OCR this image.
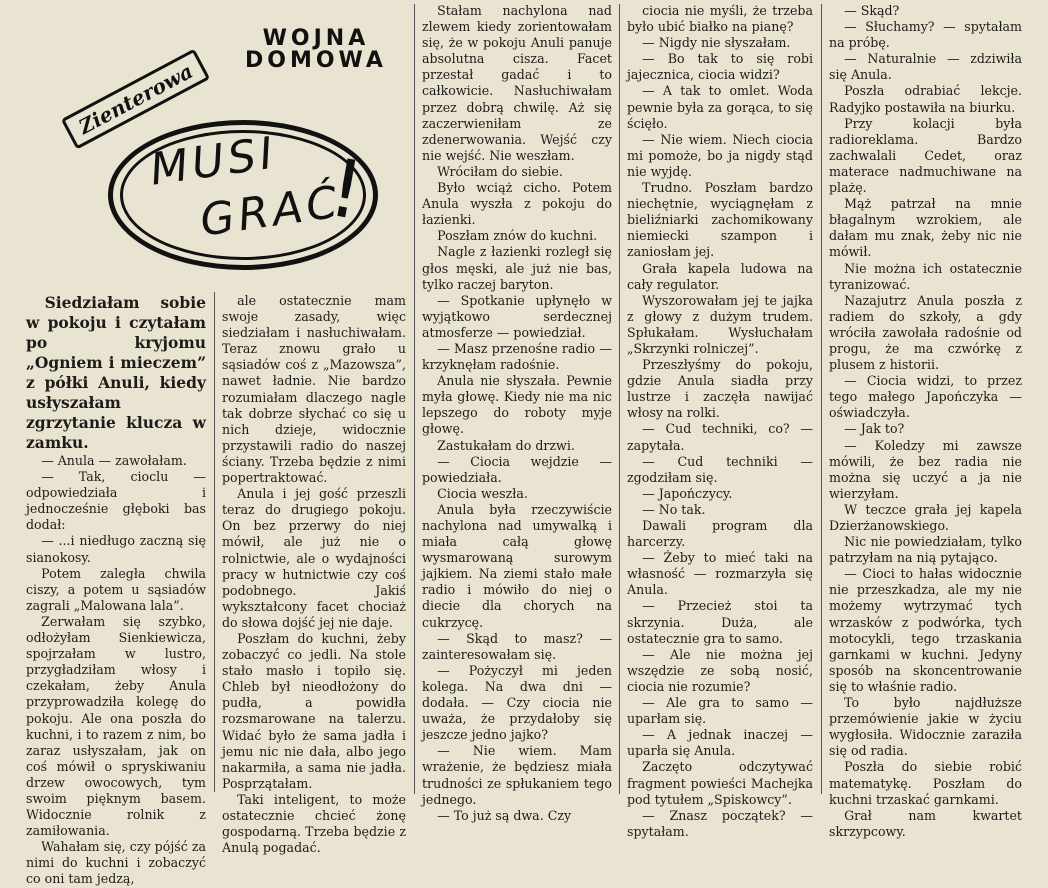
WOJNA
DOMOWA
Zienterowa
MUSI
GRAĆ
!

Siedziałam sobie w pokoju i czytałam po kryjomu „Ogniem i mieczem” z półki Anuli, kiedy usłyszałam zgrzytanie klucza w zamku.

— Anula — zawołałam.

— Tak, cioclu — odpowiedziała i jednocześnie głęboki bas dodał:

— ...i niedługo zaczną się sianokosy.

Potem zaległa chwila ciszy, a potem u sąsiadów zagrali „Malowana lala”.

Zerwałam się szybko, odłożyłam Sienkiewicza, spojrzałam w lustro, przygładziłam włosy i czekałam, żeby Anula przyprowadziła kolegę do pokoju. Ale ona poszła do kuchni, i to razem z nim, bo zaraz usłyszałam, jak on coś mówił o spryskiwaniu drzew owocowych, tym swoim pięknym basem. Widocznie rolnik z zamiłowania.

Wahałam się, czy pójść za nimi do kuchni i zobaczyć co oni tam jedzą,

ale ostatecznie mam swoje zasady, więc siedziałam i nasłuchiwałam. Teraz znowu grało u sąsiadów coś z „Mazowsza”, nawet ładnie. Nie bardzo rozumiałam dlaczego nagle tak dobrze słychać co się u nich dzieje, widocznie przystawili radio do naszej ściany. Trzeba będzie z nimi popertraktować.

Anula i jej gość przeszli teraz do drugiego pokoju. On bez przerwy do niej mówił, ale już nie o rolnictwie, ale o wydajności pracy w hutnictwie czy coś podobnego. Jakiś wykształcony facet chociaż do słowa dojść jej nie daje.

Poszłam do kuchni, żeby zobaczyć co jedli. Na stole stało masło i topiło się. Chleb był nieodłożony do pudła, a powidła rozsmarowane na talerzu. Widać było że sama jadła i jemu nic nie dała, albo jego nakarmiła, a sama nie jadła. Posprzątałam.

Taki inteligent, to może ostatecznie chcieć żonę gospodarną. Trzeba będzie z Anulą pogadać.

Stałam nachylona nad zlewem kiedy zorientowałam się, że w pokoju Anuli panuje absolutna cisza. Facet przestał gadać i to całkowicie. Nasłuchiwałam przez dobrą chwilę. Aż się zaczerwieniłam ze zdenerwowania. Wejść czy nie wejść. Nie weszłam.

Wróciłam do siebie.

Było wciąż cicho. Potem Anula wyszła z pokoju do łazienki.

Poszłam znów do kuchni.

Nagle z łazienki rozległ się głos męski, ale już nie bas, tylko raczej baryton.

— Spotkanie upłynęło w wyjątkowo serdecznej atmosferze — powiedział.

— Masz przenośne radio — krzyknęłam radośnie.

Anula nie słyszała. Pewnie myła głowę. Kiedy nie ma nic lepszego do roboty myje głowę.

Zastukałam do drzwi.

— Ciocia wejdzie — powiedziała.

Ciocia weszła.

Anula była rzeczywiście nachylona nad umywalką i miała całą głowę wysmarowaną surowym jajkiem. Na ziemi stało małe radio i mówiło do niej o diecie dla chorych na cukrzycę.

— Skąd to masz? — zainteresowałam się.

— Pożyczył mi jeden kolega. Na dwa dni — dodała. — Czy ciocia nie uważa, że przydałoby się jeszcze jedno jajko?

— Nie wiem. Mam wrażenie, że będziesz miała trudności ze spłukaniem tego jednego.

— To już są dwa. Czy

ciocia nie myśli, że trzeba było ubić białko na pianę?

— Nigdy nie słyszałam.

— Bo tak to się robi jajecznica, ciocia widzi?

— A tak to omlet. Woda pewnie była za gorąca, to się ścięło.

— Nie wiem. Niech ciocia mi pomoże, bo ja nigdy stąd nie wyjdę.

Trudno. Poszłam bardzo niechętnie, wyciągnęłam z bieliźniarki zachomikowany niemiecki szampon i zaniosłam jej.

Grała kapela ludowa na cały regulator.

Wyszorowałam jej te jajka z głowy z dużym trudem. Spłukałam. Wysłuchałam „Skrzynki rolniczej”.

Przeszłyśmy do pokoju, gdzie Anula siadła przy lustrze i zaczęła nawijać włosy na rolki.

— Cud techniki, co? — zapytała.

— Cud techniki — zgodziłam się.

— Japończycy.

— No tak.

Dawali program dla harcerzy.

— Żeby to mieć taki na własność — rozmarzyła się Anula.

— Przecież stoi ta skrzynia. Duża, ale ostatecznie gra to samo.

— Ale nie można jej wszędzie ze sobą nosić, ciocia nie rozumie?

— Ale gra to samo — uparłam się.

— A jednak inaczej — uparła się Anula.

Zaczęto odczytywać fragment powieści Machejka pod tytułem „Spiskowcy”.

— Znasz początek? — spytałam.

— Skąd?

— Słuchamy? — spytałam na próbę.

— Naturalnie — zdziwiła się Anula.

Poszła odrabiać lekcje. Radyjko postawiła na biurku.

Przy kolacji była radioreklama. Bardzo zachwalali Cedet, oraz materace nadmuchiwane na plażę.

Mąż patrzał na mnie błagalnym wzrokiem, ale dałam mu znak, żeby nic nie mówił.

Nie można ich ostatecznie tyranizować.

Nazajutrz Anula poszła z radiem do szkoły, a gdy wróciła zawołała radośnie od progu, że ma czwórkę z plusem z historii.

— Ciocia widzi, to przez tego małego Japończyka — oświadczyła.

— Jak to?

— Koledzy mi zawsze mówili, że bez radia nie można się uczyć a ja nie wierzyłam.

W teczce grała jej kapela Dzierżanowskiego.

Nic nie powiedziałam, tylko patrzyłam na nią pytająco.

— Cioci to hałas widocznie nie przeszkadza, ale my nie możemy wytrzymać tych wrzasków z podwórka, tych motocykli, tego trzaskania garnkami w kuchni. Jedyny sposób na skoncentrowanie się to właśnie radio.

To było najdłuższe przemówienie jakie w życiu wygłosiła. Widocznie zaraziła się od radia.

Poszła do siebie robić matematykę. Poszłam do kuchni trzaskać garnkami.

Grał nam kwartet skrzypcowy.
